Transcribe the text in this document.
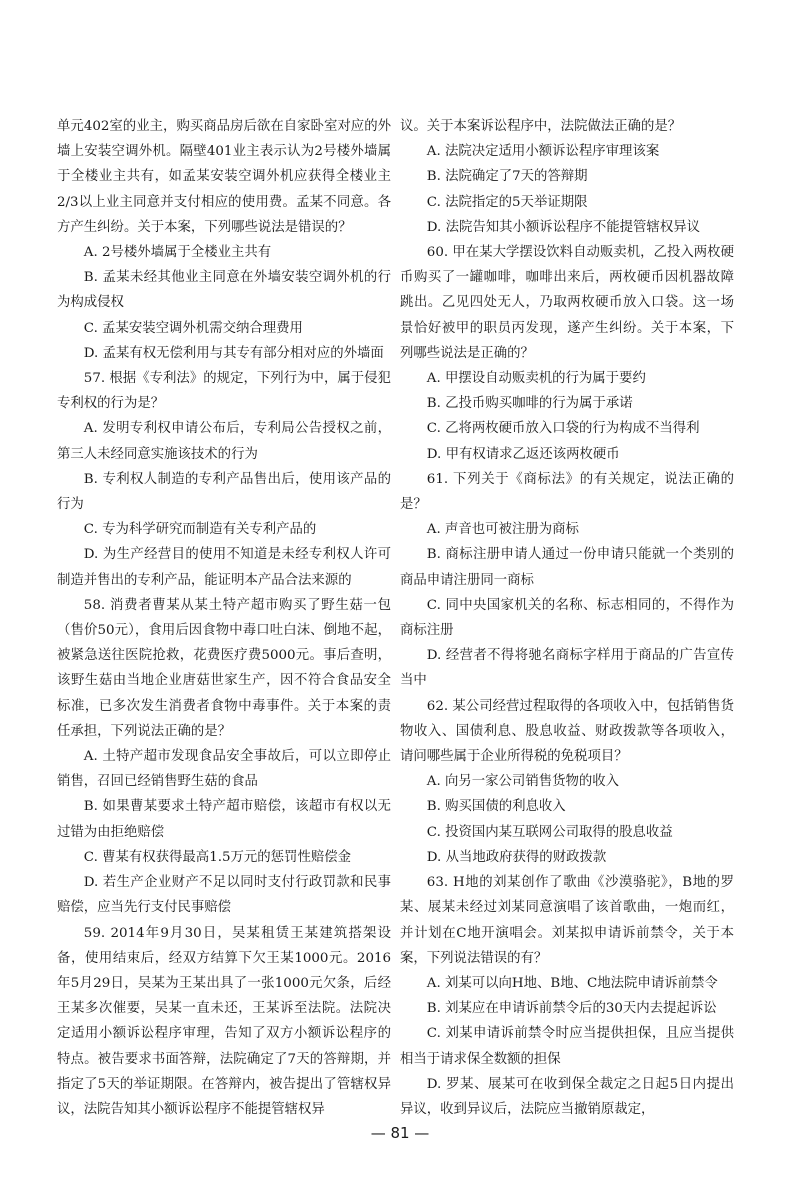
单元402室的业主，购买商品房后欲在自家卧室对应的外墙上安装空调外机。隔壁401业主表示认为2号楼外墙属于全楼业主共有，如孟某安装空调外机应获得全楼业主2/3以上业主同意并支付相应的使用费。孟某不同意。各方产生纠纷。关于本案，下列哪些说法是错误的？

A. 2号楼外墙属于全楼业主共有

B. 孟某未经其他业主同意在外墙安装空调外机的行为构成侵权

C. 孟某安装空调外机需交纳合理费用

D. 孟某有权无偿利用与其专有部分相对应的外墙面

57. 根据《专利法》的规定，下列行为中，属于侵犯专利权的行为是？

A. 发明专利权申请公布后，专利局公告授权之前，第三人未经同意实施该技术的行为

B. 专利权人制造的专利产品售出后，使用该产品的行为

C. 专为科学研究而制造有关专利产品的

D. 为生产经营目的使用不知道是未经专利权人许可制造并售出的专利产品，能证明本产品合法来源的

58. 消费者曹某从某土特产超市购买了野生菇一包（售价50元），食用后因食物中毒口吐白沫、倒地不起，被紧急送往医院抢救，花费医疗费5000元。事后查明，该野生菇由当地企业唐菇世家生产，因不符合食品安全标准，已多次发生消费者食物中毒事件。关于本案的责任承担，下列说法正确的是？

A. 土特产超市发现食品安全事故后，可以立即停止销售，召回已经销售野生菇的食品

B. 如果曹某要求土特产超市赔偿，该超市有权以无过错为由拒绝赔偿

C. 曹某有权获得最高1.5万元的惩罚性赔偿金

D. 若生产企业财产不足以同时支付行政罚款和民事赔偿，应当先行支付民事赔偿

59. 2014年9月30日，吴某租赁王某建筑搭架设备，使用结束后，经双方结算下欠王某1000元。2016年5月29日，吴某为王某出具了一张1000元欠条，后经王某多次催要，吴某一直未还，王某诉至法院。法院决定适用小额诉讼程序审理，告知了双方小额诉讼程序的特点。被告要求书面答辩，法院确定了7天的答辩期，并指定了5天的举证期限。在答辩内，被告提出了管辖权异议，法院告知其小额诉讼程序不能提管辖权异

议。关于本案诉讼程序中，法院做法正确的是？

A. 法院决定适用小额诉讼程序审理该案

B. 法院确定了7天的答辩期

C. 法院指定的5天举证期限

D. 法院告知其小额诉讼程序不能提管辖权异议

60. 甲在某大学摆设饮料自动贩卖机，乙投入两枚硬币购买了一罐咖啡，咖啡出来后，两枚硬币因机器故障跳出。乙见四处无人，乃取两枚硬币放入口袋。这一场景恰好被甲的职员丙发现，遂产生纠纷。关于本案，下列哪些说法是正确的？

A. 甲摆设自动贩卖机的行为属于要约

B. 乙投币购买咖啡的行为属于承诺

C. 乙将两枚硬币放入口袋的行为构成不当得利

D. 甲有权请求乙返还该两枚硬币

61. 下列关于《商标法》的有关规定，说法正确的是？

A. 声音也可被注册为商标

B. 商标注册申请人通过一份申请只能就一个类别的商品申请注册同一商标

C. 同中央国家机关的名称、标志相同的，不得作为商标注册

D. 经营者不得将驰名商标字样用于商品的广告宣传当中

62. 某公司经营过程取得的各项收入中，包括销售货物收入、国债利息、股息收益、财政拨款等各项收入，请问哪些属于企业所得税的免税项目？

A. 向另一家公司销售货物的收入

B. 购买国债的利息收入

C. 投资国内某互联网公司取得的股息收益

D. 从当地政府获得的财政拨款

63. H地的刘某创作了歌曲《沙漠骆驼》，B地的罗某、展某未经过刘某同意演唱了该首歌曲，一炮而红，并计划在C地开演唱会。刘某拟申请诉前禁令，关于本案，下列说法错误的有？

A. 刘某可以向H地、B地、C地法院申请诉前禁令

B. 刘某应在申请诉前禁令后的30天内去提起诉讼

C. 刘某申请诉前禁令时应当提供担保，且应当提供相当于请求保全数额的担保

D. 罗某、展某可在收到保全裁定之日起5日内提出异议，收到异议后，法院应当撤销原裁定，

— 81 —
